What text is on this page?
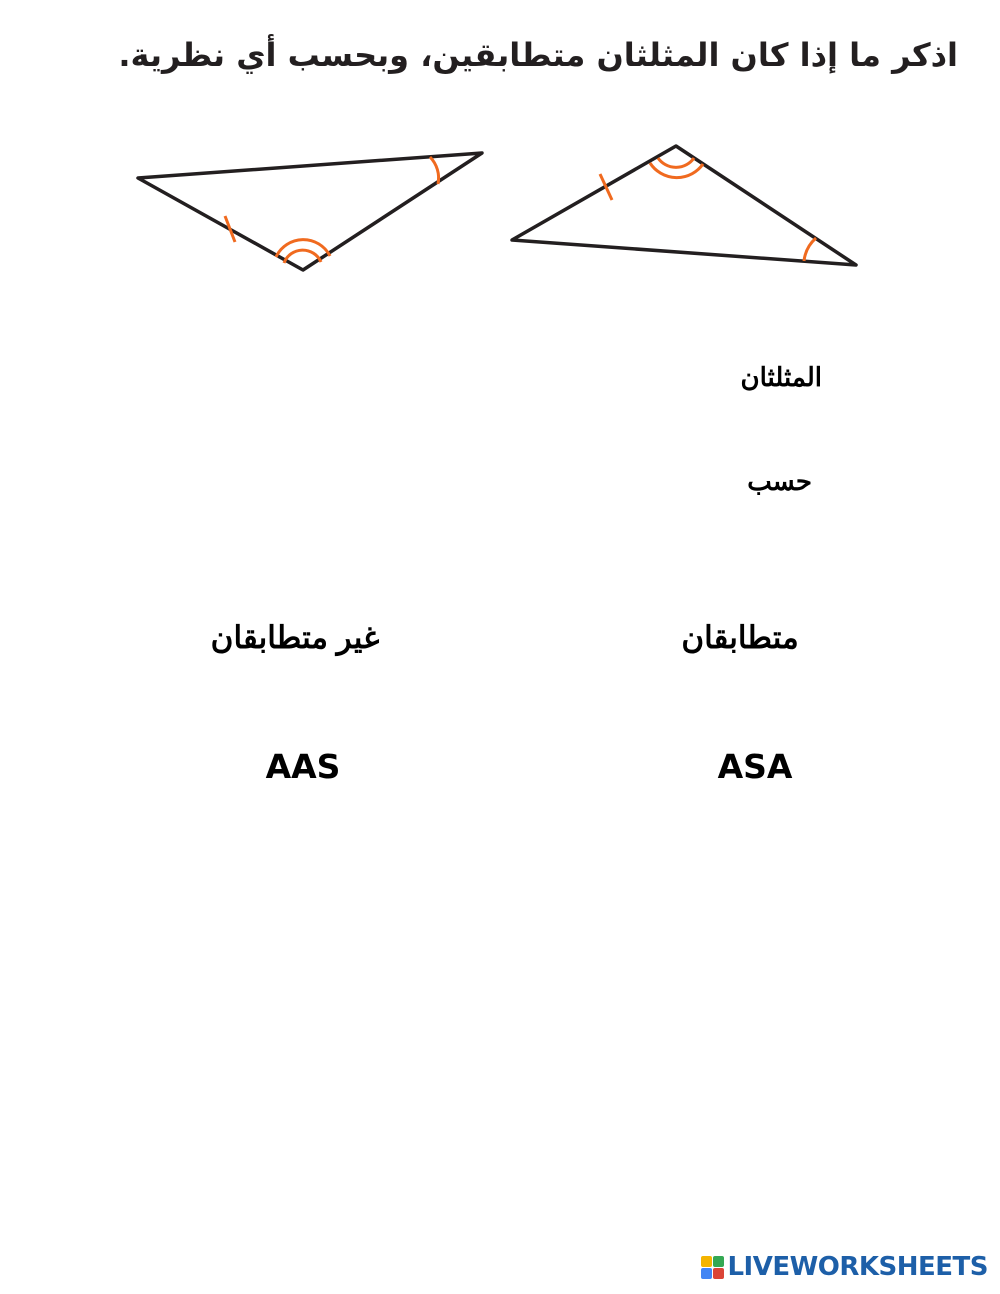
اذكر ما إذا كان المثلثان متطابقين، وبحسب أي نظرية.
المثلثان
حسب
متطابقان
غير متطابقان
ASA
AAS
LIVEWORKSHEETS
